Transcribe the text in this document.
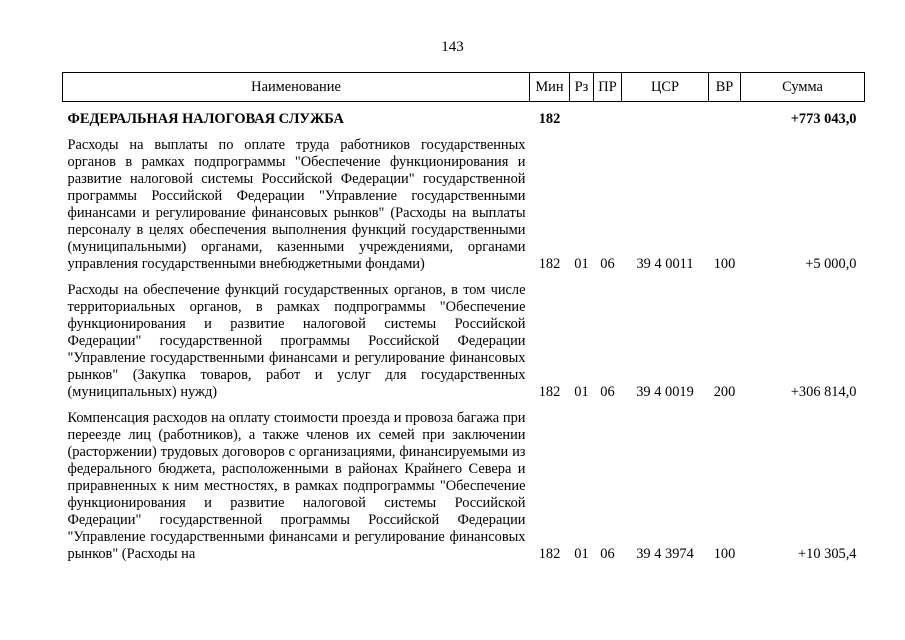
143
Наименование	Мин	Рз	ПР	ЦСР	ВР	Сумма
ФЕДЕРАЛЬНАЯ НАЛОГОВАЯ СЛУЖБА	182					+773 043,0
Расходы на выплаты по оплате труда работников государственных органов в рамках подпрограммы "Обеспечение функционирования и развитие налоговой системы Российской Федерации" государственной программы Российской Федерации "Управление государственными финансами и регулирование финансовых рынков" (Расходы на выплаты персоналу в целях обеспечения выполнения функций государственными (муниципальными) органами, казенными учреждениями, органами управления государственными внебюджетными фондами)	182	01	06	39 4 0011	100	+5 000,0
Расходы на обеспечение функций государственных органов, в том числе территориальных органов, в рамках подпрограммы "Обеспечение функционирования и развитие налоговой системы Российской Федерации" государственной программы Российской Федерации "Управление государственными финансами и регулирование финансовых рынков" (Закупка товаров, работ и услуг для государственных (муниципальных) нужд)	182	01	06	39 4 0019	200	+306 814,0
Компенсация расходов на оплату стоимости проезда и провоза багажа при переезде лиц (работников), а также членов их семей при заключении (расторжении) трудовых договоров с организациями, финансируемыми из федерального бюджета, расположенными в районах Крайнего Севера и приравненных к ним местностях, в рамках подпрограммы "Обеспечение функционирования и развитие налоговой системы Российской Федерации" государственной программы Российской Федерации "Управление государственными финансами и регулирование финансовых рынков" (Расходы на	182	01	06	39 4 3974	100	+10 305,4
